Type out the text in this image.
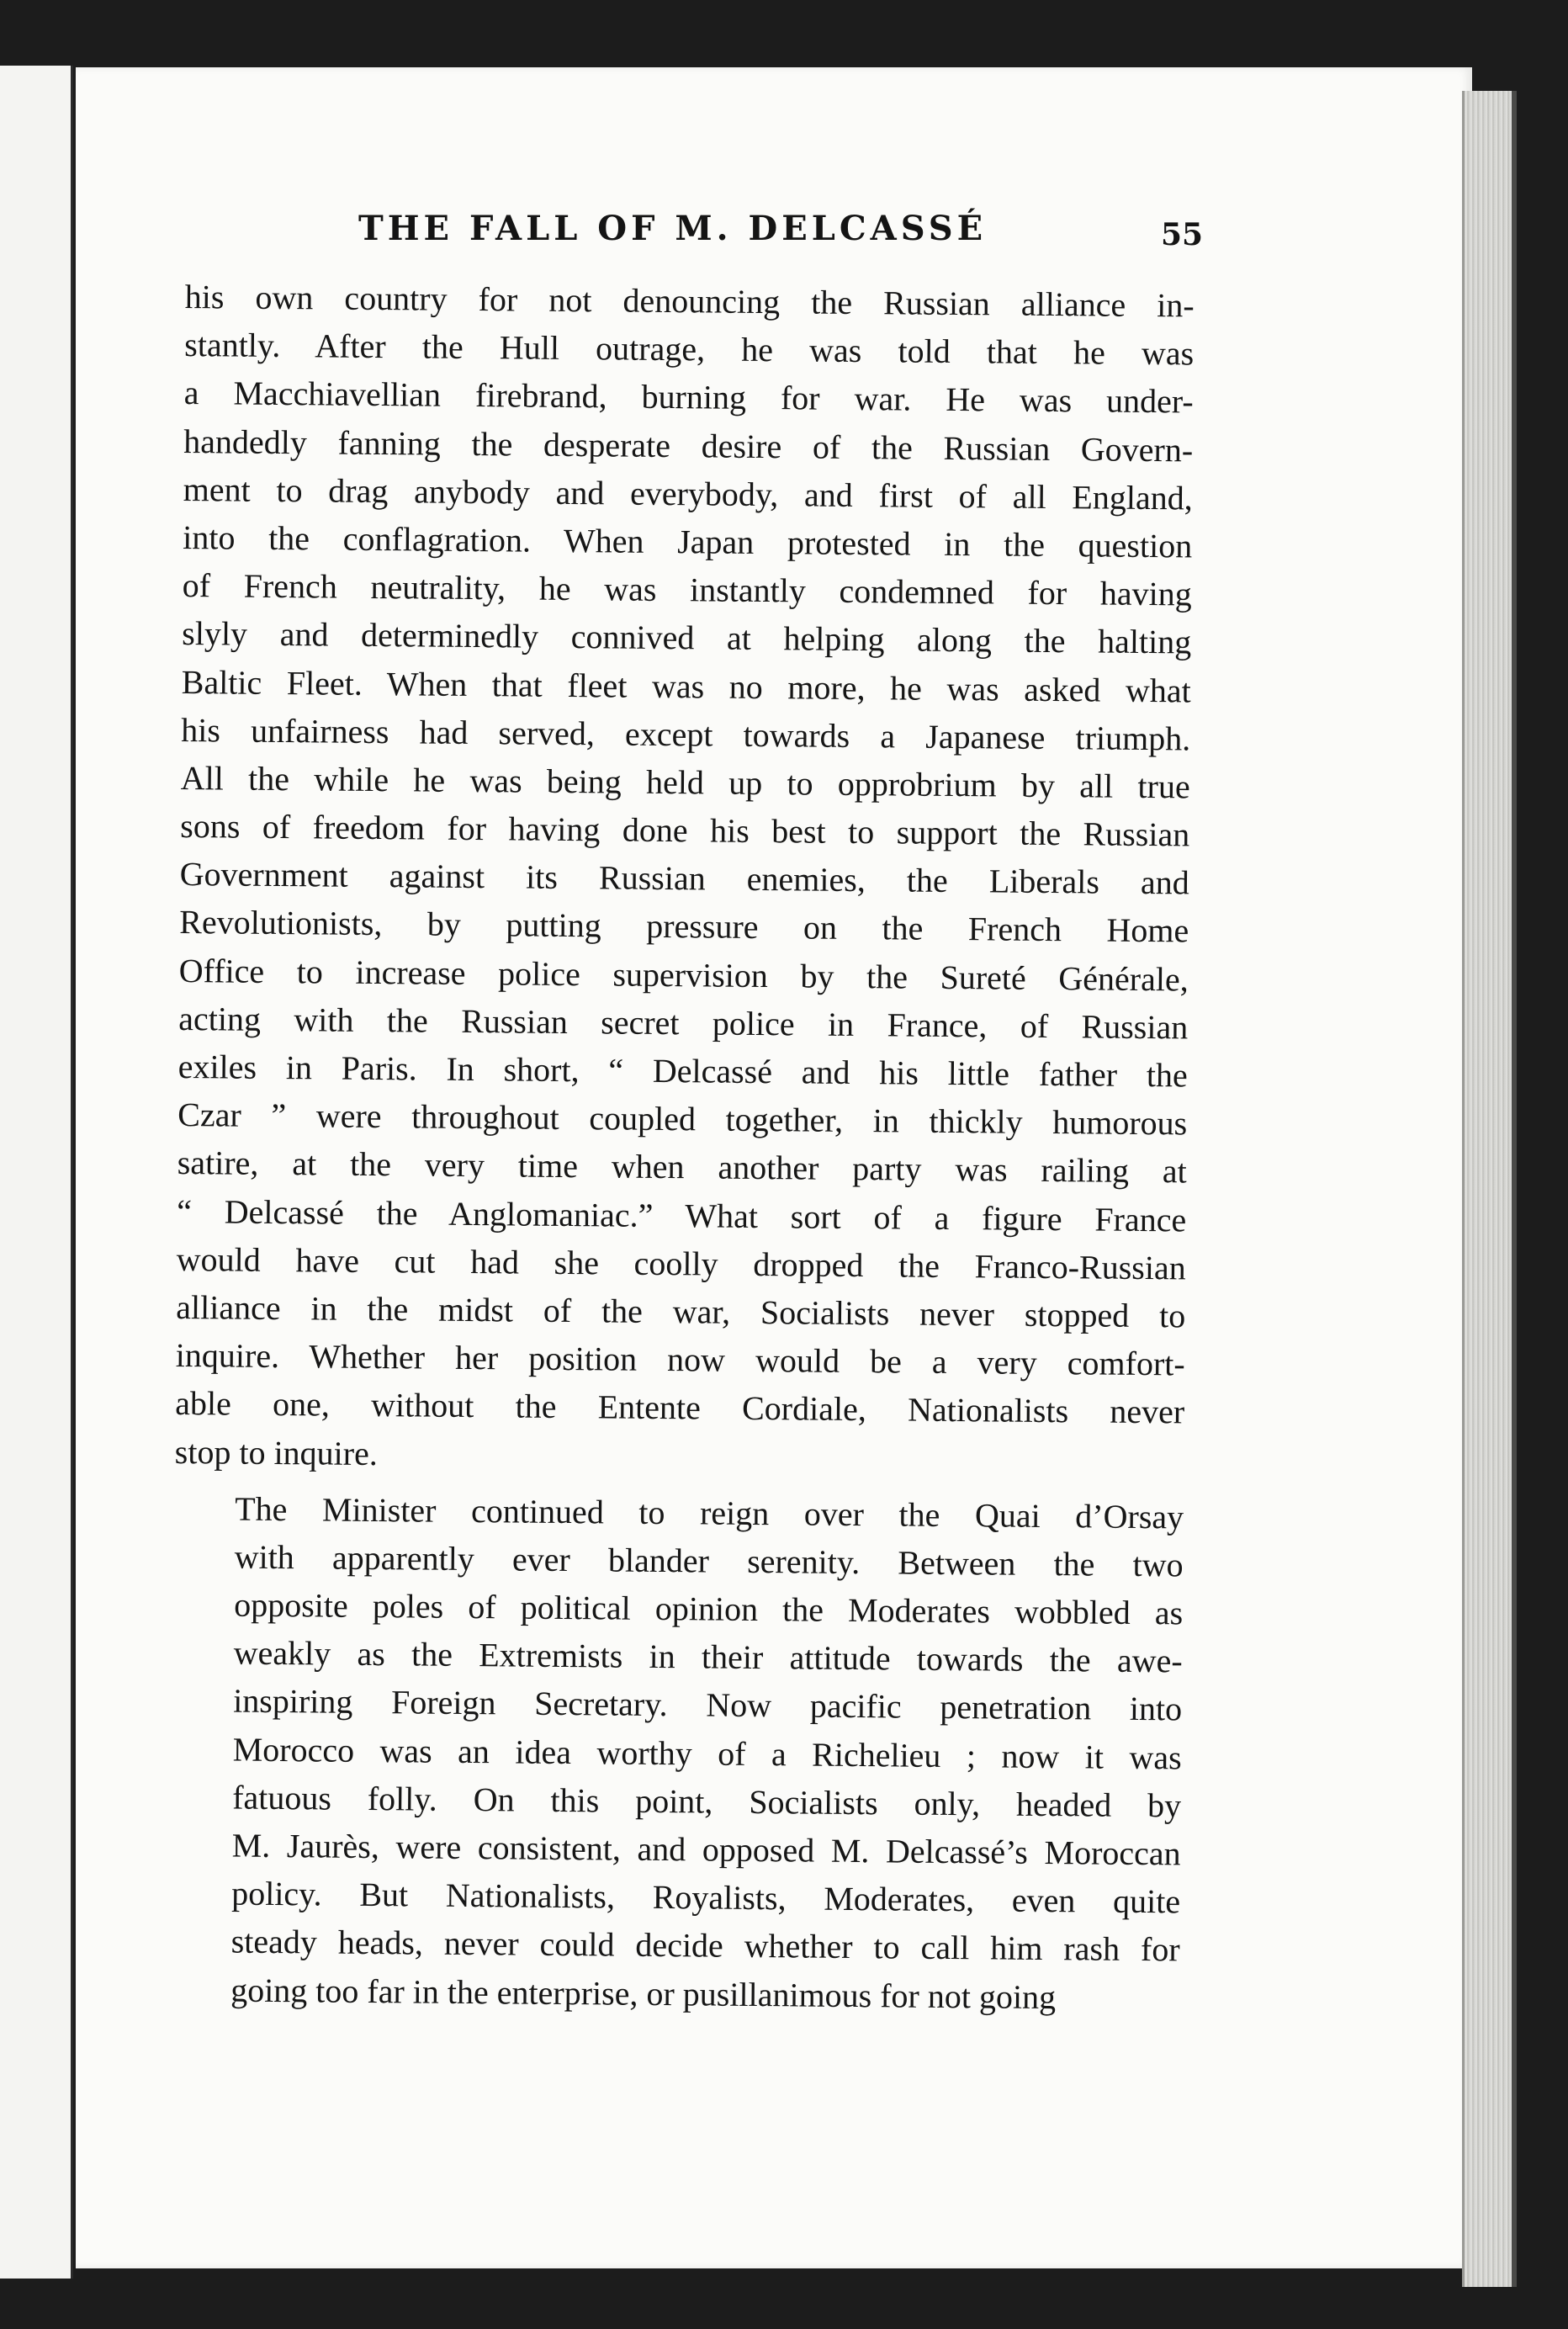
THE FALL OF M. DELCASSÉ	55

his own country for not denouncing the Russian alliance in-
stantly. After the Hull outrage, he was told that he was
a Macchiavellian firebrand, burning for war. He was under-
handedly fanning the desperate desire of the Russian Govern-
ment to drag anybody and everybody, and first of all England,
into the conflagration. When Japan protested in the question
of French neutrality, he was instantly condemned for having
slyly and determinedly connived at helping along the halting
Baltic Fleet. When that fleet was no more, he was asked what
his unfairness had served, except towards a Japanese triumph.
All the while he was being held up to opprobrium by all true
sons of freedom for having done his best to support the Russian
Government against its Russian enemies, the Liberals and
Revolutionists, by putting pressure on the French Home
Office to increase police supervision by the Sureté Générale,
acting with the Russian secret police in France, of Russian
exiles in Paris. In short, “ Delcassé and his little father the
Czar ” were throughout coupled together, in thickly humorous
satire, at the very time when another party was railing at
“ Delcassé the Anglomaniac.” What sort of a figure France
would have cut had she coolly dropped the Franco-Russian
alliance in the midst of the war, Socialists never stopped to
inquire. Whether her position now would be a very comfort-
able one, without the Entente Cordiale, Nationalists never
stop to inquire.

The Minister continued to reign over the Quai d’Orsay
with apparently ever blander serenity. Between the two
opposite poles of political opinion the Moderates wobbled as
weakly as the Extremists in their attitude towards the awe-
inspiring Foreign Secretary. Now pacific penetration into
Morocco was an idea worthy of a Richelieu ; now it was
fatuous folly. On this point, Socialists only, headed by
M. Jaurès, were consistent, and opposed M. Delcassé’s Moroccan
policy. But Nationalists, Royalists, Moderates, even quite
steady heads, never could decide whether to call him rash for
going too far in the enterprise, or pusillanimous for not going
